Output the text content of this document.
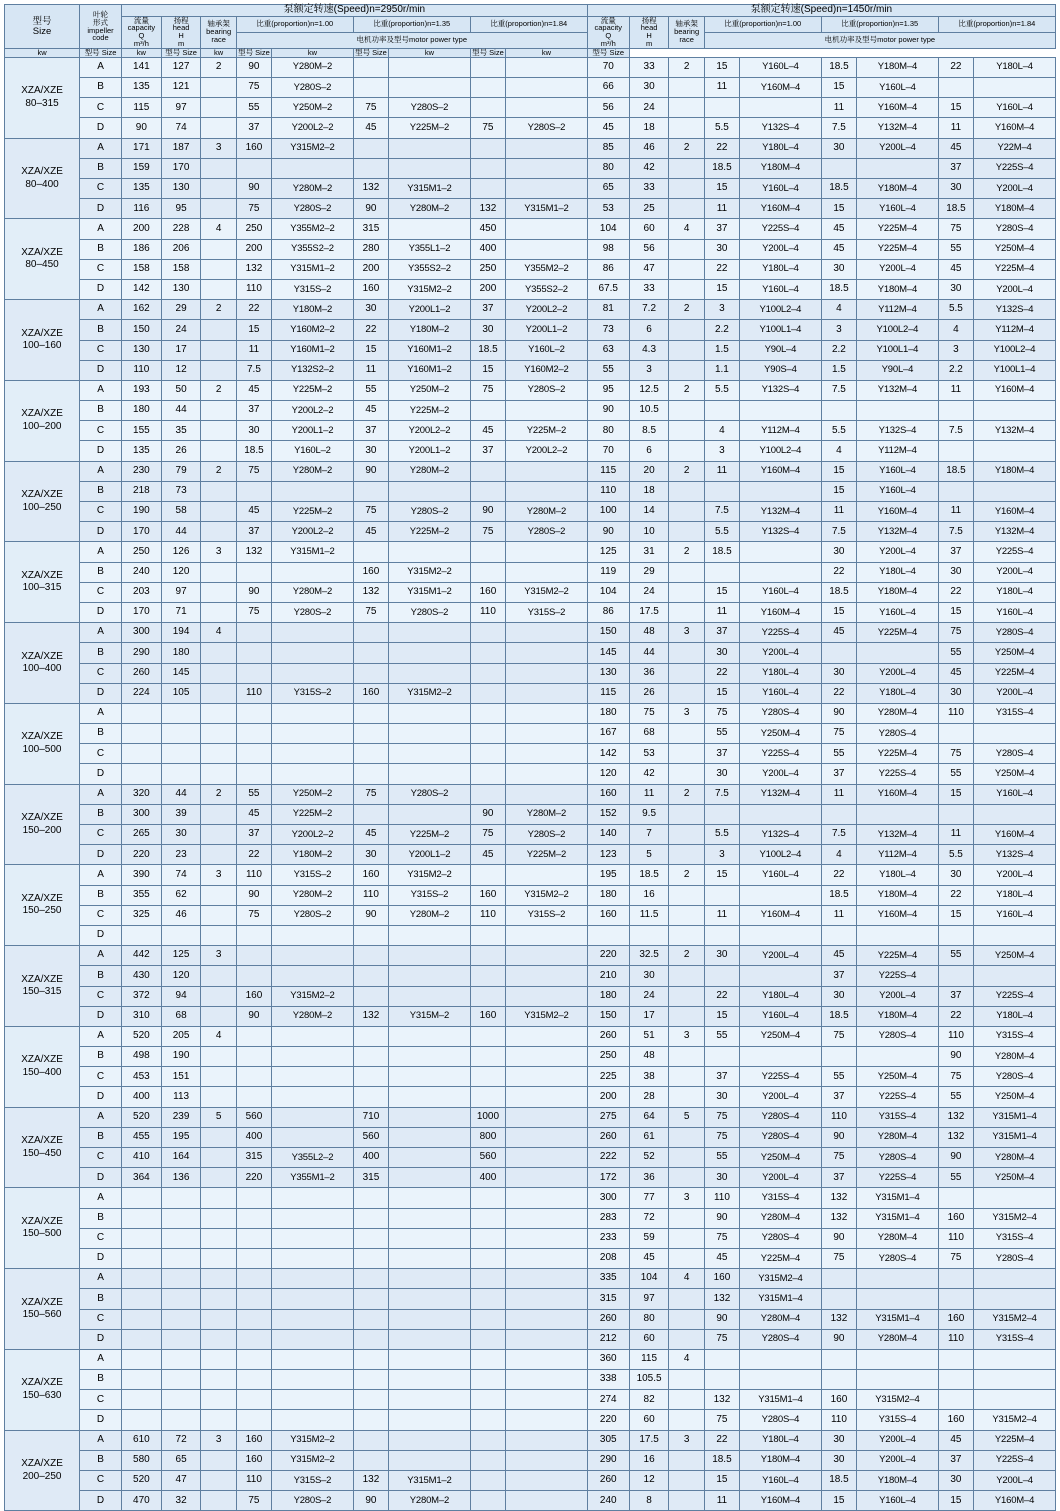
型号
Size	叶轮
形式
impeller
code	泵额定转速(Speed)n=2950r/min									泵额定转速(Speed)n=1450r/min								

		流量
capacity
Q
m³/h	扬程
head
H
m	轴承架
bearing
race	比重(proportion)n=1.00		比重(proportion)n=1.35		比重(proportion)n=1.84		流量
capacity
Q
m³/h	扬程
head
H
m	轴承架
bearing
race	比重(proportion)n=1.00		比重(proportion)n=1.35		比重(proportion)n=1.84	
					电机功率及型号motor power type									电机功率及型号motor power type					
kw	型号 Size	kw	型号 Size	kw	型号 Size	kw	型号 Size	kw	型号 Size	kw	型号 Size								

XZA/XZE
80–315	A	141	127	2	90	Y280M–2					70	33	2	15	Y160L–4	18.5	Y180M–4	22	Y180L–4
	B	135	121		75	Y280S–2					66	30		11	Y160M–4	15	Y160L–4		
	C	115	97		55	Y250M–2	75	Y280S–2			56	24				11	Y160M–4	15	Y160L–4
	D	90	74		37	Y200L2–2	45	Y225M–2	75	Y280S–2	45	18		5.5	Y132S–4	7.5	Y132M–4	11	Y160M–4

XZA/XZE
80–400	A	171	187	3	160	Y315M2–2					85	46	2	22	Y180L–4	30	Y200L–4	45	Y22M–4
	B	159	170								80	42		18.5	Y180M–4			37	Y225S–4
	C	135	130		90	Y280M–2	132	Y315M1–2			65	33		15	Y160L–4	18.5	Y180M–4	30	Y200L–4
	D	116	95		75	Y280S–2	90	Y280M–2	132	Y315M1–2	53	25		11	Y160M–4	15	Y160L–4	18.5	Y180M–4

XZA/XZE
80–450	A	200	228	4	250	Y355M2–2	315		450		104	60	4	37	Y225S–4	45	Y225M–4	75	Y280S–4
	B	186	206		200	Y355S2–2	280	Y355L1–2	400		98	56		30	Y200L–4	45	Y225M–4	55	Y250M–4
	C	158	158		132	Y315M1–2	200	Y355S2–2	250	Y355M2–2	86	47		22	Y180L–4	30	Y200L–4	45	Y225M–4
	D	142	130		110	Y315S–2	160	Y315M2–2	200	Y355S2–2	67.5	33		15	Y160L–4	18.5	Y180M–4	30	Y200L–4

XZA/XZE
100–160	A	162	29	2	22	Y180M–2	30	Y200L1–2	37	Y200L2–2	81	7.2	2	3	Y100L2–4	4	Y112M–4	5.5	Y132S–4
	B	150	24		15	Y160M2–2	22	Y180M–2	30	Y200L1–2	73	6		2.2	Y100L1–4	3	Y100L2–4	4	Y112M–4
	C	130	17		11	Y160M1–2	15	Y160M1–2	18.5	Y160L–2	63	4.3		1.5	Y90L–4	2.2	Y100L1–4	3	Y100L2–4
	D	110	12		7.5	Y132S2–2	11	Y160M1–2	15	Y160M2–2	55	3		1.1	Y90S–4	1.5	Y90L–4	2.2	Y100L1–4

XZA/XZE
100–200	A	193	50	2	45	Y225M–2	55	Y250M–2	75	Y280S–2	95	12.5	2	5.5	Y132S–4	7.5	Y132M–4	11	Y160M–4
	B	180	44		37	Y200L2–2	45	Y225M–2			90	10.5							
	C	155	35		30	Y200L1–2	37	Y200L2–2	45	Y225M–2	80	8.5		4	Y112M–4	5.5	Y132S–4	7.5	Y132M–4
	D	135	26		18.5	Y160L–2	30	Y200L1–2	37	Y200L2–2	70	6		3	Y100L2–4	4	Y112M–4		

XZA/XZE
100–250	A	230	79	2	75	Y280M–2	90	Y280M–2			115	20	2	11	Y160M–4	15	Y160L–4	18.5	Y180M–4
	B	218	73								110	18				15	Y160L–4		
	C	190	58		45	Y225M–2	75	Y280S–2	90	Y280M–2	100	14		7.5	Y132M–4	11	Y160M–4	11	Y160M–4
	D	170	44		37	Y200L2–2	45	Y225M–2	75	Y280S–2	90	10		5.5	Y132S–4	7.5	Y132M–4	7.5	Y132M–4

XZA/XZE
100–315	A	250	126	3	132	Y315M1–2					125	31	2	18.5		30	Y200L–4	37	Y225S–4
	B	240	120				160	Y315M2–2			119	29				22	Y180L–4	30	Y200L–4
	C	203	97		90	Y280M–2	132	Y315M1–2	160	Y315M2–2	104	24		15	Y160L–4	18.5	Y180M–4	22	Y180L–4
	D	170	71		75	Y280S–2	75	Y280S–2	110	Y315S–2	86	17.5		11	Y160M–4	15	Y160L–4	15	Y160L–4

XZA/XZE
100–400	A	300	194	4							150	48	3	37	Y225S–4	45	Y225M–4	75	Y280S–4
	B	290	180								145	44		30	Y200L–4			55	Y250M–4
	C	260	145								130	36		22	Y180L–4	30	Y200L–4	45	Y225M–4
	D	224	105		110	Y315S–2	160	Y315M2–2			115	26		15	Y160L–4	22	Y180L–4	30	Y200L–4

XZA/XZE
100–500	A										180	75	3	75	Y280S–4	90	Y280M–4	110	Y315S–4
	B										167	68		55	Y250M–4	75	Y280S–4		
	C										142	53		37	Y225S–4	55	Y225M–4	75	Y280S–4
	D										120	42		30	Y200L–4	37	Y225S–4	55	Y250M–4

XZA/XZE
150–200	A	320	44	2	55	Y250M–2	75	Y280S–2			160	11	2	7.5	Y132M–4	11	Y160M–4	15	Y160L–4
	B	300	39		45	Y225M–2			90	Y280M–2	152	9.5							
	C	265	30		37	Y200L2–2	45	Y225M–2	75	Y280S–2	140	7		5.5	Y132S–4	7.5	Y132M–4	11	Y160M–4
	D	220	23		22	Y180M–2	30	Y200L1–2	45	Y225M–2	123	5		3	Y100L2–4	4	Y112M–4	5.5	Y132S–4

XZA/XZE
150–250	A	390	74	3	110	Y315S–2	160	Y315M2–2			195	18.5	2	15	Y160L–4	22	Y180L–4	30	Y200L–4
	B	355	62		90	Y280M–2	110	Y315S–2	160	Y315M2–2	180	16				18.5	Y180M–4	22	Y180L–4
	C	325	46		75	Y280S–2	90	Y280M–2	110	Y315S–2	160	11.5		11	Y160M–4	11	Y160M–4	15	Y160L–4
	D																		

XZA/XZE
150–315	A	442	125	3							220	32.5	2	30	Y200L–4	45	Y225M–4	55	Y250M–4
	B	430	120								210	30				37	Y225S–4		
	C	372	94		160	Y315M2–2					180	24		22	Y180L–4	30	Y200L–4	37	Y225S–4
	D	310	68		90	Y280M–2	132	Y315M–2	160	Y315M2–2	150	17		15	Y160L–4	18.5	Y180M–4	22	Y180L–4

XZA/XZE
150–400	A	520	205	4							260	51	3	55	Y250M–4	75	Y280S–4	110	Y315S–4
	B	498	190								250	48						90	Y280M–4
	C	453	151								225	38		37	Y225S–4	55	Y250M–4	75	Y280S–4
	D	400	113								200	28		30	Y200L–4	37	Y225S–4	55	Y250M–4

XZA/XZE
150–450	A	520	239	5	560		710		1000		275	64	5	75	Y280S–4	110	Y315S–4	132	Y315M1–4
	B	455	195		400		560		800		260	61		75	Y280S–4	90	Y280M–4	132	Y315M1–4
	C	410	164		315	Y355L2–2	400		560		222	52		55	Y250M–4	75	Y280S–4	90	Y280M–4
	D	364	136		220	Y355M1–2	315		400		172	36		30	Y200L–4	37	Y225S–4	55	Y250M–4

XZA/XZE
150–500	A										300	77	3	110	Y315S–4	132	Y315M1–4		
	B										283	72		90	Y280M–4	132	Y315M1–4	160	Y315M2–4
	C										233	59		75	Y280S–4	90	Y280M–4	110	Y315S–4
	D										208	45		45	Y225M–4	75	Y280S–4	75	Y280S–4

XZA/XZE
150–560	A										335	104	4	160	Y315M2–4				
	B										315	97		132	Y315M1–4				
	C										260	80		90	Y280M–4	132	Y315M1–4	160	Y315M2–4
	D										212	60		75	Y280S–4	90	Y280M–4	110	Y315S–4

XZA/XZE
150–630	A										360	115	4						
	B										338	105.5							
	C										274	82		132	Y315M1–4	160	Y315M2–4		
	D										220	60		75	Y280S–4	110	Y315S–4	160	Y315M2–4

XZA/XZE
200–250	A	610	72	3	160	Y315M2–2					305	17.5	3	22	Y180L–4	30	Y200L–4	45	Y225M–4
	B	580	65		160	Y315M2–2					290	16		18.5	Y180M–4	30	Y200L–4	37	Y225S–4
	C	520	47		110	Y315S–2	132	Y315M1–2			260	12		15	Y160L–4	18.5	Y180M–4	30	Y200L–4
	D	470	32		75	Y280S–2	90	Y280M–2			240	8		11	Y160M–4	15	Y160L–4	15	Y160M–4
